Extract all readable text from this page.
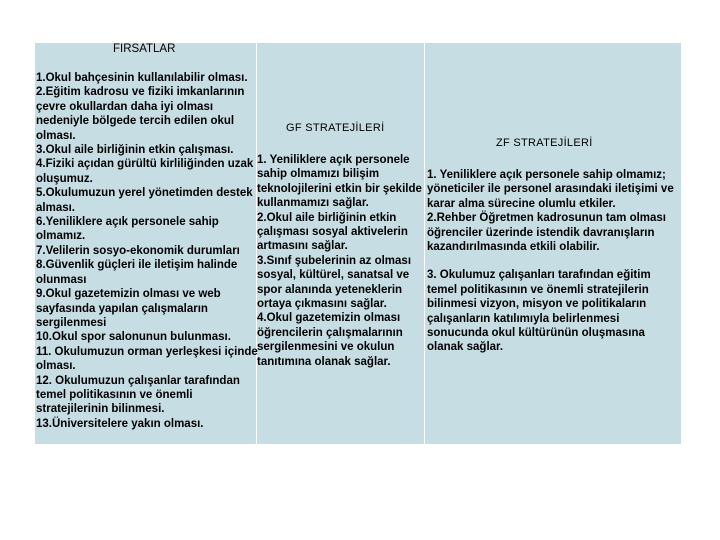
FIRSATLAR
GF STRATEJİLERİ
ZF STRATEJİLERİ
1.Okul bahçesinin kullanılabilir olması.
2.Eğitim kadrosu ve fiziki imkanlarının çevre okullardan daha iyi olması nedeniyle bölgede tercih edilen okul olması.
3.Okul aile birliğinin etkin çalışması.
4.Fiziki açıdan gürültü kirliliğinden uzak oluşumuz.
5.Okulumuzun yerel yönetimden destek alması.
6.Yeniliklere açık personele sahip olmamız.
7.Velilerin sosyo-ekonomik durumları
8.Güvenlik güçleri ile iletişim halinde olunması
9.Okul gazetemizin olması ve web sayfasında yapılan çalışmaların sergilenmesi
10.Okul spor salonunun bulunması.
11. Okulumuzun orman yerleşkesi içinde olması.
12. Okulumuzun çalışanlar tarafından temel politikasının ve önemli stratejilerinin bilinmesi.
13.Üniversitelere yakın olması.
1. Yeniliklere açık personele sahip olmamızı bilişim teknolojilerini etkin bir şekilde kullanmamızı sağlar.
2.Okul aile birliğinin etkin çalışması sosyal aktivelerin artmasını sağlar.
3.Sınıf şubelerinin az olması sosyal, kültürel, sanatsal ve spor alanında yeteneklerin ortaya çıkmasını sağlar.
4.Okul gazetemizin olması öğrencilerin çalışmalarının sergilenmesini ve okulun tanıtımına olanak sağlar.
1. Yeniliklere açık personele sahip olmamız; yöneticiler ile personel arasındaki iletişimi ve karar alma sürecine olumlu etkiler.
2.Rehber Öğretmen kadrosunun tam olması öğrenciler üzerinde istendik davranışların kazandırılmasında etkili olabilir.
3. Okulumuz çalışanları tarafından eğitim temel politikasının ve önemli stratejilerin bilinmesi vizyon, misyon ve politikaların çalışanların katılımıyla belirlenmesi sonucunda okul kültürünün oluşmasına olanak sağlar.
